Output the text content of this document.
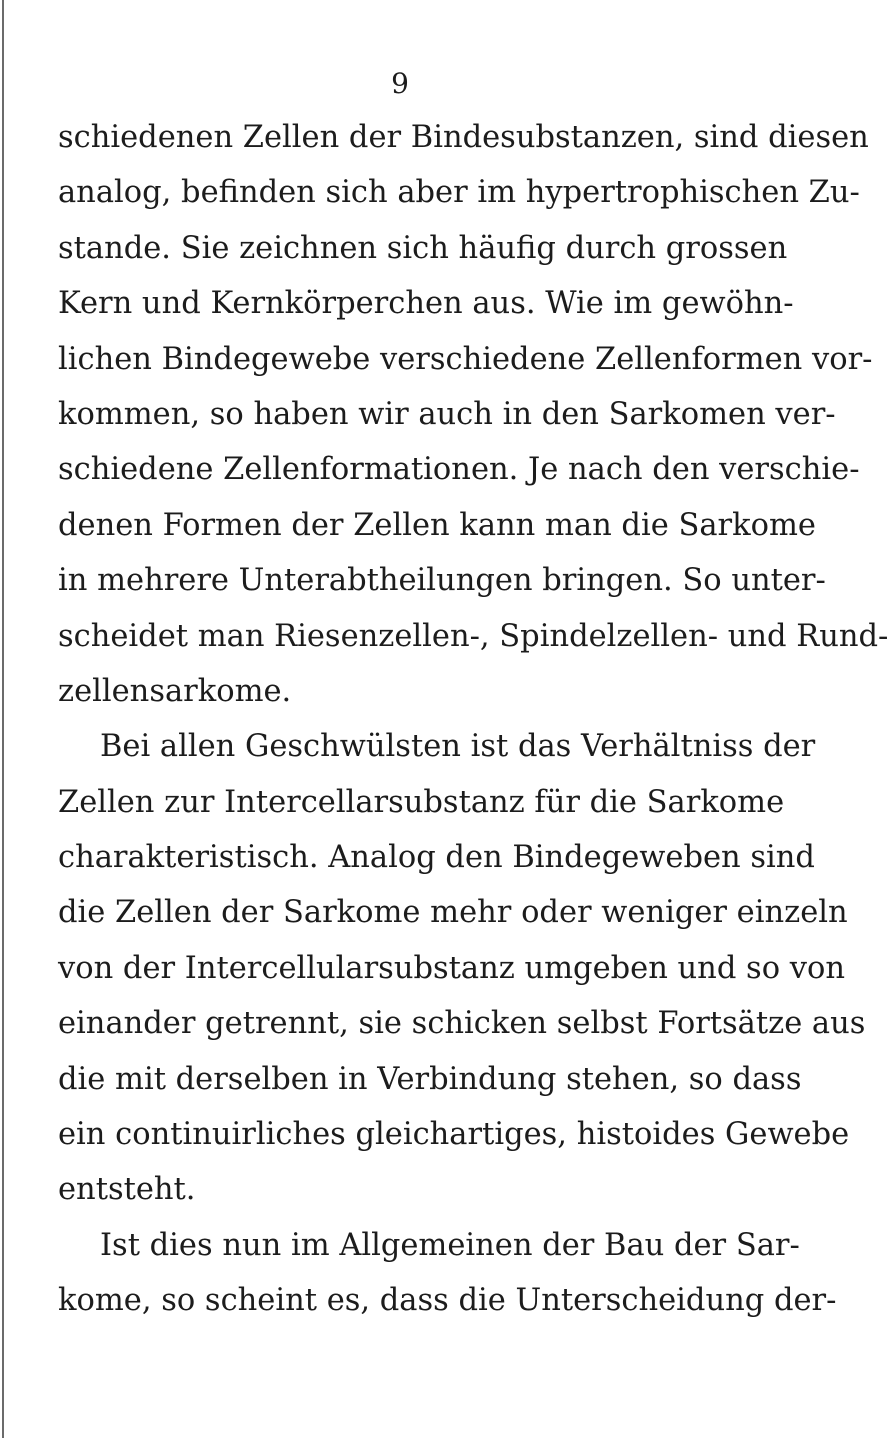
9
schiedenen Zellen der Bindesubstanzen, sind diesen
analog, befinden sich aber im hypertrophischen Zu-
stande. Sie zeichnen sich häufig durch grossen
Kern und Kernkörperchen aus. Wie im gewöhn-
lichen Bindegewebe verschiedene Zellenformen vor-
kommen, so haben wir auch in den Sarkomen ver-
schiedene Zellenformationen. Je nach den verschie-
denen Formen der Zellen kann man die Sarkome
in mehrere Unterabtheilungen bringen. So unter-
scheidet man Riesenzellen-, Spindelzellen- und Rund-
zellensarkome.
Bei allen Geschwülsten ist das Verhältniss der
Zellen zur Intercellarsubstanz für die Sarkome
charakteristisch. Analog den Bindegeweben sind
die Zellen der Sarkome mehr oder weniger einzeln
von der Intercellularsubstanz umgeben und so von
einander getrennt, sie schicken selbst Fortsätze aus
die mit derselben in Verbindung stehen, so dass
ein continuirliches gleichartiges, histoides Gewebe
entsteht.
Ist dies nun im Allgemeinen der Bau der Sar-
kome, so scheint es, dass die Unterscheidung der-
